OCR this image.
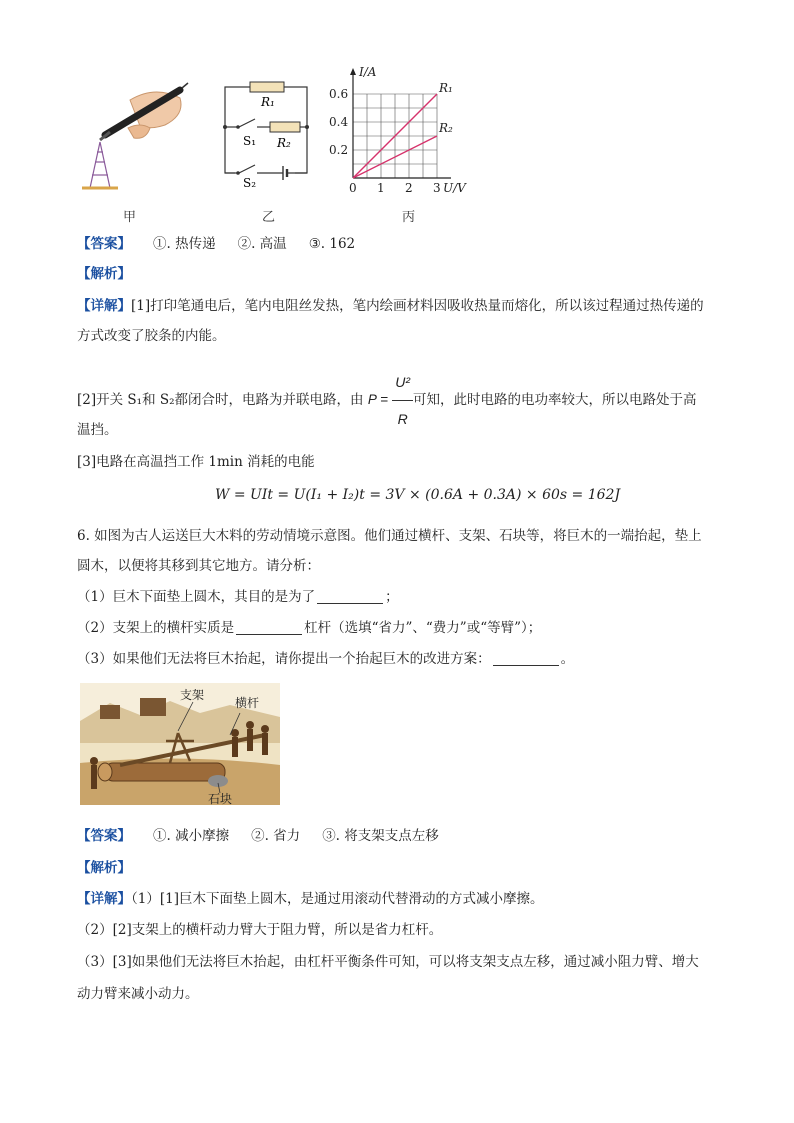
甲
R₁
S₁ R₂
S₂
乙
I/A
U/V
0.6
0.4
0.2
0 1 2 3
R₁
R₂
丙
【答案】 ①. 热传递 ②. 高温 ③. 162
【解析】
【详解】[1]打印笔通电后，笔内电阻丝发热，笔内绘画材料因吸收热量而熔化，所以该过程通过热传递的
方式改变了胶条的内能。
[2]开关 S₁和 S₂都闭合时，电路为并联电路，由 $P = \frac{\text{U²}}{R}$ 可知，此时电路的电功率较大，所以电路处于高
温挡。
[3]电路在高温挡工作 1min 消耗的电能
W = UIt = U(I₁ + I₂)t = 3V × (0.6A + 0.3A) × 60s = 162J
6. 如图为古人运送巨大木料的劳动情境示意图。他们通过横杆、支架、石块等，将巨木的一端抬起，垫上
圆木，以便将其移到其它地方。请分析：
（1）巨木下面垫上圆木，其目的是为了	；
（2）支架上的横杆实质是	杠杆（选填“省力”、“费力”或“等臂”）；
（3）如果他们无法将巨木抬起，请你提出一个抬起巨木的改进方案：	。
支架
横杆
石块
【答案】 ①. 减小摩擦 ②. 省力 ③. 将支架支点左移
【解析】
【详解】（1）[1]巨木下面垫上圆木，是通过用滚动代替滑动的方式减小摩擦。
（2）[2]支架上的横杆动力臂大于阻力臂，所以是省力杠杆。
（3）[3]如果他们无法将巨木抬起，由杠杆平衡条件可知，可以将支架支点左移，通过减小阻力臂、增大
动力臂来减小动力。
